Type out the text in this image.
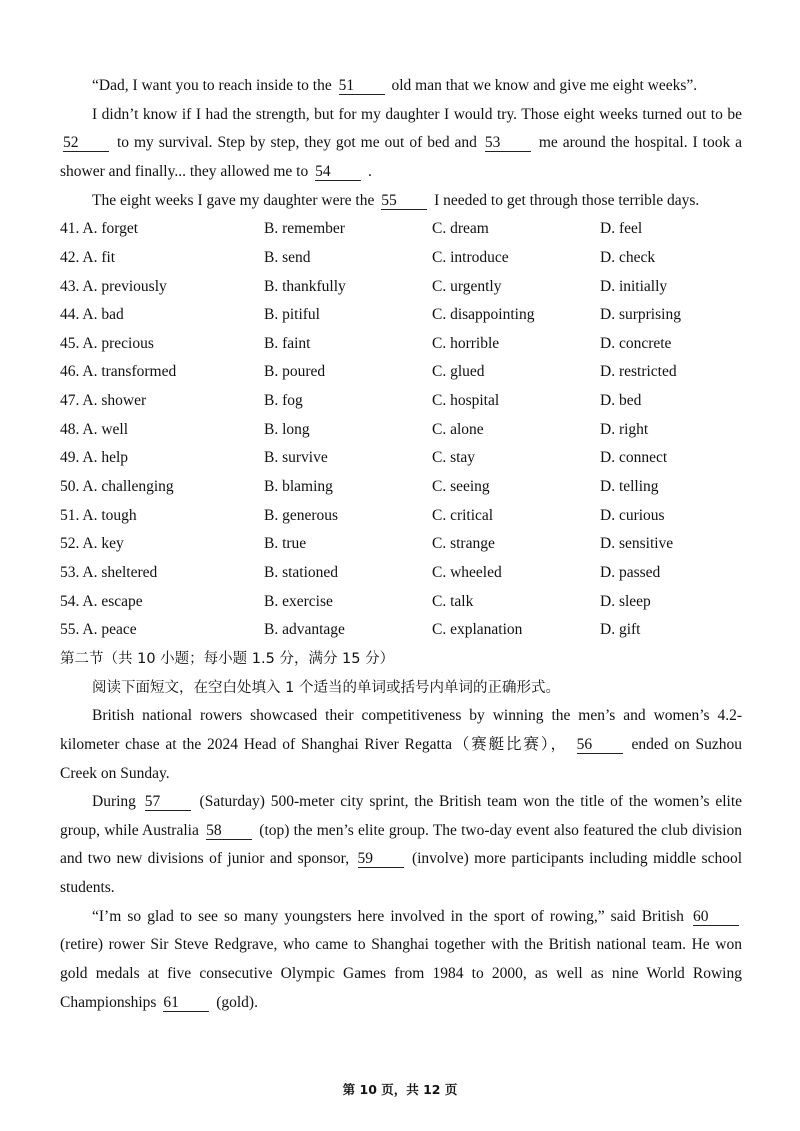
“Dad, I want you to reach inside to the 51 old man that we know and give me eight weeks”.
I didn’t know if I had the strength, but for my daughter I would try. Those eight weeks turned out to be 52 to my survival. Step by step, they got me out of bed and 53 me around the hospital. I took a shower and finally... they allowed me to 54 .
The eight weeks I gave my daughter were the 55 I needed to get through those terrible days.
41. A. forget	B. remember	C. dream	D. feel
42. A. fit	B. send	C. introduce	D. check
43. A. previously	B. thankfully	C. urgently	D. initially
44. A. bad	B. pitiful	C. disappointing	D. surprising
45. A. precious	B. faint	C. horrible	D. concrete
46. A. transformed	B. poured	C. glued	D. restricted
47. A. shower	B. fog	C. hospital	D. bed
48. A. well	B. long	C. alone	D. right
49. A. help	B. survive	C. stay	D. connect
50. A. challenging	B. blaming	C. seeing	D. telling
51. A. tough	B. generous	C. critical	D. curious
52. A. key	B. true	C. strange	D. sensitive
53. A. sheltered	B. stationed	C. wheeled	D. passed
54. A. escape	B. exercise	C. talk	D. sleep
55. A. peace	B. advantage	C. explanation	D. gift
第二节（共 10 小题；每小题 1.5 分，满分 15 分）
阅读下面短文，在空白处填入 1 个适当的单词或括号内单词的正确形式。
British national rowers showcased their competitiveness by winning the men’s and women’s 4.2-kilometer chase at the 2024 Head of Shanghai River Regatta（赛艇比赛）， 56	ended on Suzhou Creek on Sunday.
During 57	(Saturday) 500-meter city sprint, the British team won the title of the women’s elite group, while Australia 58 (top) the men’s elite group. The two-day event also featured the club division and two new divisions of junior and sponsor, 59	(involve) more participants including middle school students.
“I’m so glad to see so many youngsters here involved in the sport of rowing,” said British 60 (retire) rower Sir Steve Redgrave, who came to Shanghai together with the British national team. He won gold medals at five consecutive Olympic Games from 1984 to 2000, as well as nine World Rowing Championships 61 (gold).
第 10 页，共 12 页
